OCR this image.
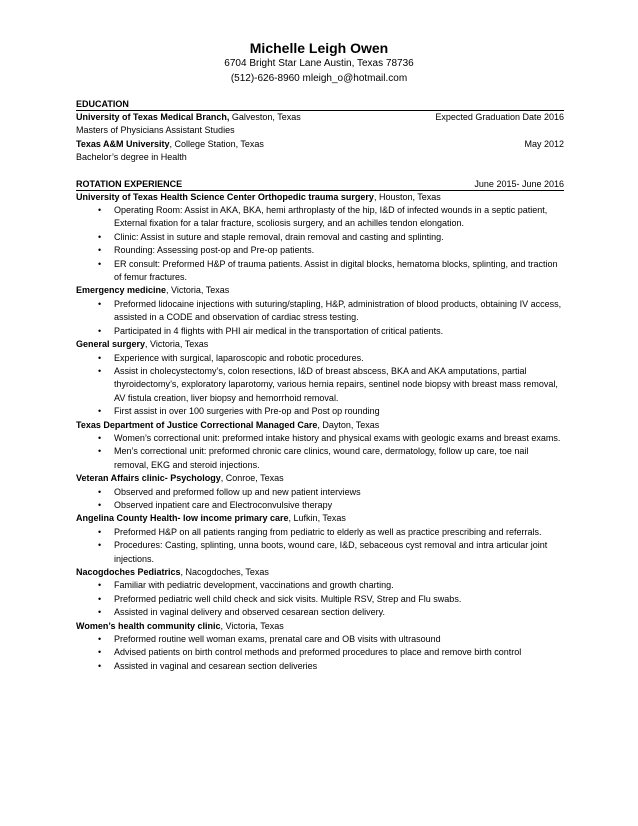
Michelle Leigh Owen
6704 Bright Star Lane Austin, Texas 78736
(512)-626-8960 mleigh_o@hotmail.com
EDUCATION
University of Texas Medical Branch, Galveston, Texas	Expected Graduation Date 2016
Masters of Physicians Assistant Studies
Texas A&M University, College Station, Texas	May 2012
Bachelor’s degree in Health
ROTATION EXPERIENCE	June 2015- June 2016
University of Texas Health Science Center Orthopedic trauma surgery, Houston, Texas
• Operating Room: Assist in AKA, BKA, hemi arthroplasty of the hip, I&D of infected wounds in a septic patient, External fixation for a talar fracture, scoliosis surgery, and an achilles tendon elongation.
• Clinic: Assist in suture and staple removal, drain removal and casting and splinting.
• Rounding: Assessing post-op and Pre-op patients.
• ER consult: Preformed H&P of trauma patients. Assist in digital blocks, hematoma blocks, splinting, and traction of femur fractures.
Emergency medicine, Victoria, Texas
• Preformed lidocaine injections with suturing/stapling, H&P, administration of blood products, obtaining IV access, assisted in a CODE and observation of cardiac stress testing.
• Participated in 4 flights with PHI air medical in the transportation of critical patients.
General surgery, Victoria, Texas
• Experience with surgical, laparoscopic and robotic procedures.
• Assist in cholecystectomy’s, colon resections, I&D of breast abscess, BKA and AKA amputations, partial thyroidectomy’s, exploratory laparotomy, various hernia repairs, sentinel node biopsy with breast mass removal, AV fistula creation, liver biopsy and hemorrhoid removal.
• First assist in over 100 surgeries with Pre-op and Post op rounding
Texas Department of Justice Correctional Managed Care, Dayton, Texas
• Women’s correctional unit: preformed intake history and physical exams with geologic exams and breast exams.
• Men’s correctional unit: preformed chronic care clinics, wound care, dermatology, follow up care, toe nail removal, EKG and steroid injections.
Veteran Affairs clinic- Psychology, Conroe, Texas
• Observed and preformed follow up and new patient interviews
• Observed inpatient care and Electroconvulsive therapy
Angelina County Health- low income primary care, Lufkin, Texas
• Preformed H&P on all patients ranging from pediatric to elderly as well as practice prescribing and referrals.
• Procedures: Casting, splinting, unna boots, wound care, I&D, sebaceous cyst removal and intra articular joint injections.
Nacogdoches Pediatrics, Nacogdoches, Texas
• Familiar with pediatric development, vaccinations and growth charting.
• Preformed pediatric well child check and sick visits. Multiple RSV, Strep and Flu swabs.
• Assisted in vaginal delivery and observed cesarean section delivery.
Women’s health community clinic, Victoria, Texas
• Preformed routine well woman exams, prenatal care and OB visits with ultrasound
• Advised patients on birth control methods and preformed procedures to place and remove birth control
• Assisted in vaginal and cesarean section deliveries
